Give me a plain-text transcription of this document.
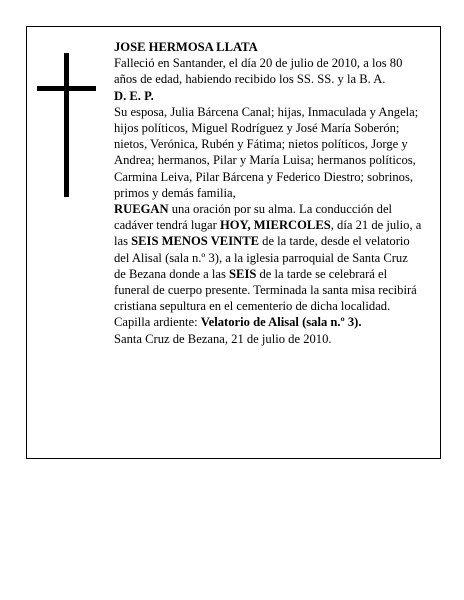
JOSE HERMOSA LLATA

Falleció en Santander, el día 20 de julio de 2010, a los 80 años de edad, habiendo recibido los SS. SS. y la B. A.

D. E. P.

Su esposa, Julia Bárcena Canal; hijas, Inmaculada y Angela; hijos políticos, Miguel Rodríguez y José María Soberón; nietos, Verónica, Rubén y Fátima; nietos políticos, Jorge y Andrea; hermanos, Pilar y María Luisa; hermanos políticos, Carmina Leiva, Pilar Bárcena y Federico Diestro; sobrinos, primos y demás familia,

RUEGAN una oración por su alma. La conducción del cadáver tendrá lugar HOY, MIERCOLES, día 21 de julio, a las SEIS MENOS VEINTE de la tarde, desde el velatorio del Alisal (sala n.º 3), a la iglesia parroquial de Santa Cruz de Bezana donde a las SEIS de la tarde se celebrará el funeral de cuerpo presente. Terminada la santa misa recibirá cristiana sepultura en el cementerio de dicha localidad. Capilla ardiente: Velatorio de Alisal (sala n.º 3).

Santa Cruz de Bezana, 21 de julio de 2010.
